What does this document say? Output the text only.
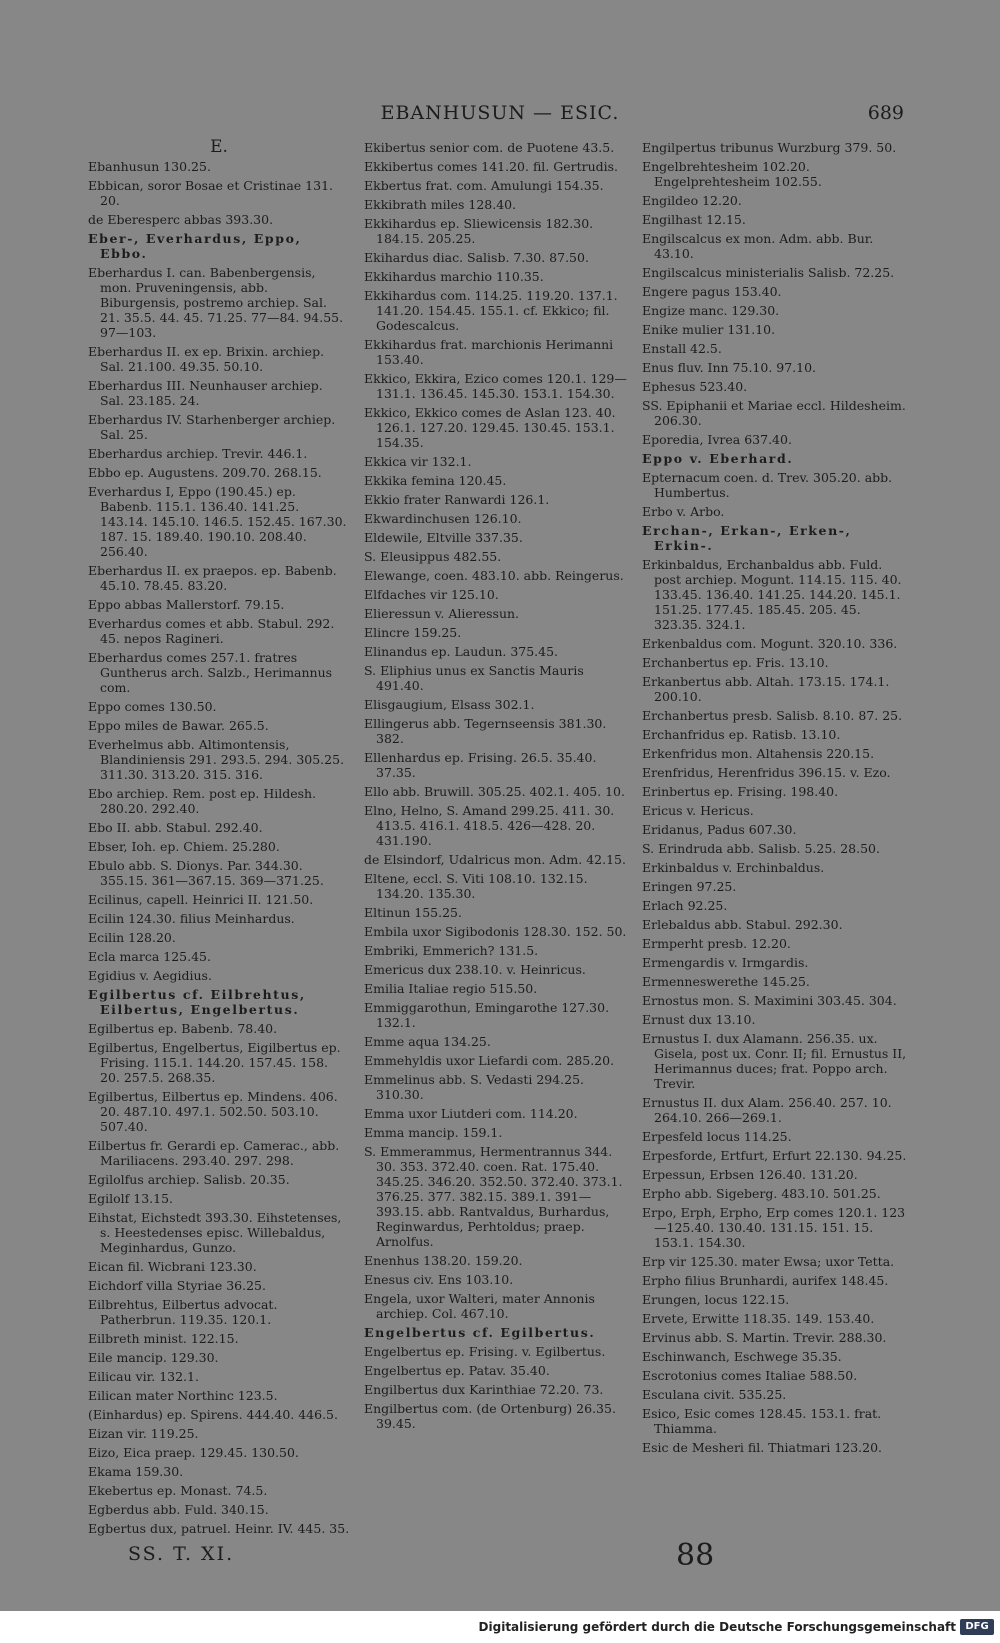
EBANHUSUN — ESIC.	689
E.
Ebanhusun 130.25.
Ebbican, soror Bosae et Cristinae 131. 20.
de Eberesperc abbas 393.30.
Eber-, Everhardus, Eppo, Ebbo.
Eberhardus I. can. Babenbergensis, mon. Pruveningensis, abb. Biburgensis, postremo archiep. Sal. 21. 35.5. 44. 45. 71.25. 77—84. 94.55. 97—103.
Eberhardus II. ex ep. Brixin. archiep. Sal. 21.100. 49.35. 50.10.
Eberhardus III. Neunhauser archiep. Sal. 23.185. 24.
Eberhardus IV. Starhenberger archiep. Sal. 25.
Eberhardus archiep. Trevir. 446.1.
Ebbo ep. Augustens. 209.70. 268.15.
Everhardus I, Eppo (190.45.) ep. Babenb. 115.1. 136.40. 141.25. 143.14. 145.10. 146.5. 152.45. 167.30. 187. 15. 189.40. 190.10. 208.40. 256.40.
Eberhardus II. ex praepos. ep. Babenb. 45.10. 78.45. 83.20.
Eppo abbas Mallerstorf. 79.15.
Everhardus comes et abb. Stabul. 292. 45. nepos Ragineri.
Eberhardus comes 257.1. fratres Guntherus arch. Salzb., Herimannus com.
Eppo comes 130.50.
Eppo miles de Bawar. 265.5.
Everhelmus abb. Altimontensis, Blandiniensis 291. 293.5. 294. 305.25. 311.30. 313.20. 315. 316.
Ebo archiep. Rem. post ep. Hildesh. 280.20. 292.40.
Ebo II. abb. Stabul. 292.40.
Ebser, Ioh. ep. Chiem. 25.280.
Ebulo abb. S. Dionys. Par. 344.30. 355.15. 361—367.15. 369—371.25.
Ecilinus, capell. Heinrici II. 121.50.
Ecilin 124.30. filius Meinhardus.
Ecilin 128.20.
Ecla marca 125.45.
Egidius v. Aegidius.
Egilbertus cf. Eilbrehtus, Eilbertus, Engelbertus.
Egilbertus ep. Babenb. 78.40.
Egilbertus, Engelbertus, Eigilbertus ep. Frising. 115.1. 144.20. 157.45. 158. 20. 257.5. 268.35.
Egilbertus, Eilbertus ep. Mindens. 406. 20. 487.10. 497.1. 502.50. 503.10. 507.40.
Eilbertus fr. Gerardi ep. Camerac., abb. Mariliacens. 293.40. 297. 298.
Egilolfus archiep. Salisb. 20.35.
Egilolf 13.15.
Eihstat, Eichstedt 393.30. Eihstetenses, s. Heestedenses episc. Willebaldus, Meginhardus, Gunzo.
Eican fil. Wicbrani 123.30.
Eichdorf villa Styriae 36.25.
Eilbrehtus, Eilbertus advocat. Patherbrun. 119.35. 120.1.
Eilbreth minist. 122.15.
Eile mancip. 129.30.
Eilicau vir. 132.1.
Eilican mater Northinc 123.5.
(Einhardus) ep. Spirens. 444.40. 446.5.
Eizan vir. 119.25.
Eizo, Eica praep. 129.45. 130.50.
Ekama 159.30.
Ekebertus ep. Monast. 74.5.
Egberdus abb. Fuld. 340.15.
Egbertus dux, patruel. Heinr. IV. 445. 35.
Ekibertus senior com. de Puotene 43.5.
Ekkibertus comes 141.20. fil. Gertrudis.
Ekbertus frat. com. Amulungi 154.35.
Ekkibrath miles 128.40.
Ekkihardus ep. Sliewicensis 182.30. 184.15. 205.25.
Ekihardus diac. Salisb. 7.30. 87.50.
Ekkihardus marchio 110.35.
Ekkihardus com. 114.25. 119.20. 137.1. 141.20. 154.45. 155.1. cf. Ekkico; fil. Godescalcus.
Ekkihardus frat. marchionis Herimanni 153.40.
Ekkico, Ekkira, Ezico comes 120.1. 129—131.1. 136.45. 145.30. 153.1. 154.30.
Ekkico, Ekkico comes de Aslan 123. 40. 126.1. 127.20. 129.45. 130.45. 153.1. 154.35.
Ekkica vir 132.1.
Ekkika femina 120.45.
Ekkio frater Ranwardi 126.1.
Ekwardinchusen 126.10.
Eldewile, Eltville 337.35.
S. Eleusippus 482.55.
Elewange, coen. 483.10. abb. Reingerus.
Elfdaches vir 125.10.
Elieressun v. Alieressun.
Elincre 159.25.
Elinandus ep. Laudun. 375.45.
S. Eliphius unus ex Sanctis Mauris 491.40.
Elisgaugium, Elsass 302.1.
Ellingerus abb. Tegernseensis 381.30. 382.
Ellenhardus ep. Frising. 26.5. 35.40. 37.35.
Ello abb. Bruwill. 305.25. 402.1. 405. 10.
Elno, Helno, S. Amand 299.25. 411. 30. 413.5. 416.1. 418.5. 426—428. 20. 431.190.
de Elsindorf, Udalricus mon. Adm. 42.15.
Eltene, eccl. S. Viti 108.10. 132.15. 134.20. 135.30.
Eltinun 155.25.
Embila uxor Sigibodonis 128.30. 152. 50.
Embriki, Emmerich? 131.5.
Emericus dux 238.10. v. Heinricus.
Emilia Italiae regio 515.50.
Emmiggarothun, Emingarothe 127.30. 132.1.
Emme aqua 134.25.
Emmehyldis uxor Liefardi com. 285.20.
Emmelinus abb. S. Vedasti 294.25. 310.30.
Emma uxor Liutderi com. 114.20.
Emma mancip. 159.1.
S. Emmerammus, Hermentrannus 344. 30. 353. 372.40. coen. Rat. 175.40. 345.25. 346.20. 352.50. 372.40. 373.1. 376.25. 377. 382.15. 389.1. 391—393.15. abb. Rantvaldus, Burhardus, Reginwardus, Perhtoldus; praep. Arnolfus.
Enenhus 138.20. 159.20.
Enesus civ. Ens 103.10.
Engela, uxor Walteri, mater Annonis archiep. Col. 467.10.
Engelbertus cf. Egilbertus.
Engelbertus ep. Frising. v. Egilbertus.
Engelbertus ep. Patav. 35.40.
Engilbertus dux Karinthiae 72.20. 73.
Engilbertus com. (de Ortenburg) 26.35. 39.45.
Engilpertus tribunus Wurzburg 379. 50.
Engelbrehtesheim 102.20. Engelprehtesheim 102.55.
Engildeo 12.20.
Engilhast 12.15.
Engilscalcus ex mon. Adm. abb. Bur. 43.10.
Engilscalcus ministerialis Salisb. 72.25.
Engere pagus 153.40.
Engize manc. 129.30.
Enike mulier 131.10.
Enstall 42.5.
Enus fluv. Inn 75.10. 97.10.
Ephesus 523.40.
SS. Epiphanii et Mariae eccl. Hildesheim. 206.30.
Eporedia, Ivrea 637.40.
Eppo v. Eberhard.
Epternacum coen. d. Trev. 305.20. abb. Humbertus.
Erbo v. Arbo.
Erchan-, Erkan-, Erken-, Erkin-.
Erkinbaldus, Erchanbaldus abb. Fuld. post archiep. Mogunt. 114.15. 115. 40. 133.45. 136.40. 141.25. 144.20. 145.1. 151.25. 177.45. 185.45. 205. 45. 323.35. 324.1.
Erkenbaldus com. Mogunt. 320.10. 336.
Erchanbertus ep. Fris. 13.10.
Erkanbertus abb. Altah. 173.15. 174.1. 200.10.
Erchanbertus presb. Salisb. 8.10. 87. 25.
Erchanfridus ep. Ratisb. 13.10.
Erkenfridus mon. Altahensis 220.15.
Erenfridus, Herenfridus 396.15. v. Ezo.
Erinbertus ep. Frising. 198.40.
Ericus v. Hericus.
Eridanus, Padus 607.30.
S. Erindruda abb. Salisb. 5.25. 28.50.
Erkinbaldus v. Erchinbaldus.
Eringen 97.25.
Erlach 92.25.
Erlebaldus abb. Stabul. 292.30.
Ermperht presb. 12.20.
Ermengardis v. Irmgardis.
Ermenneswerethe 145.25.
Ernostus mon. S. Maximini 303.45. 304.
Ernust dux 13.10.
Ernustus I. dux Alamann. 256.35. ux. Gisela, post ux. Conr. II; fil. Ernustus II, Herimannus duces; frat. Poppo arch. Trevir.
Ernustus II. dux Alam. 256.40. 257. 10. 264.10. 266—269.1.
Erpesfeld locus 114.25.
Erpesforde, Ertfurt, Erfurt 22.130. 94.25.
Erpessun, Erbsen 126.40. 131.20.
Erpho abb. Sigeberg. 483.10. 501.25.
Erpo, Erph, Erpho, Erp comes 120.1. 123—125.40. 130.40. 131.15. 151. 15. 153.1. 154.30.
Erp vir 125.30. mater Ewsa; uxor Tetta.
Erpho filius Brunhardi, aurifex 148.45.
Erungen, locus 122.15.
Ervete, Erwitte 118.35. 149. 153.40.
Ervinus abb. S. Martin. Trevir. 288.30.
Eschinwanch, Eschwege 35.35.
Escrotonius comes Italiae 588.50.
Esculana civit. 535.25.
Esico, Esic comes 128.45. 153.1. frat. Thiamma.
Esic de Mesheri fil. Thiatmari 123.20.
SS. T. XI.	88
Digitalisierung gefördert durch die Deutsche Forschungsgemeinschaft DFG
